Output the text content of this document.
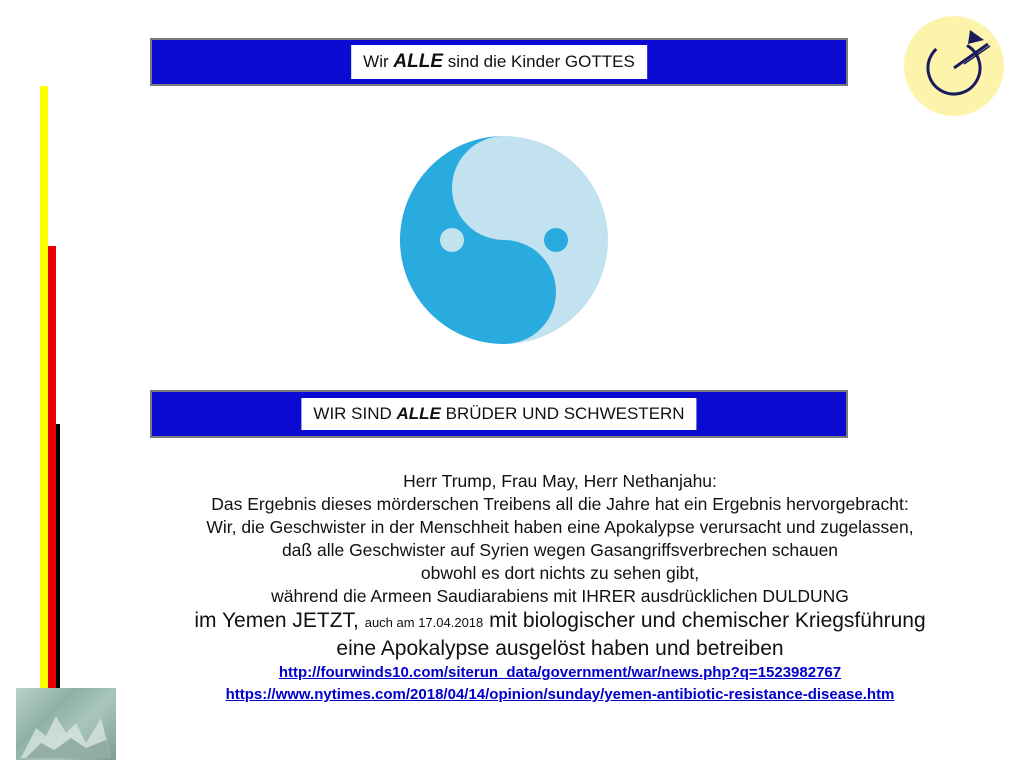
Wir ALLE sind die Kinder GOTTES
WIR SIND ALLE BRÜDER UND SCHWESTERN
Herr Trump, Frau May, Herr Nethanjahu:
Das Ergebnis dieses mörderschen Treibens all die Jahre hat ein Ergebnis hervorgebracht:
Wir, die Geschwister in der Menschheit haben eine Apokalypse verursacht und zugelassen,
daß alle Geschwister auf Syrien wegen Gasangriffsverbrechen schauen
obwohl es dort nichts zu sehen gibt,
während die Armeen Saudiarabiens mit IHRER ausdrücklichen DULDUNG
im Yemen JETZT, auch am 17.04.2018 mit biologischer und chemischer Kriegsführung
eine Apokalypse ausgelöst haben und betreiben
http://fourwinds10.com/siterun_data/government/war/news.php?q=1523982767
https://www.nytimes.com/2018/04/14/opinion/sunday/yemen-antibiotic-resistance-disease.htm
